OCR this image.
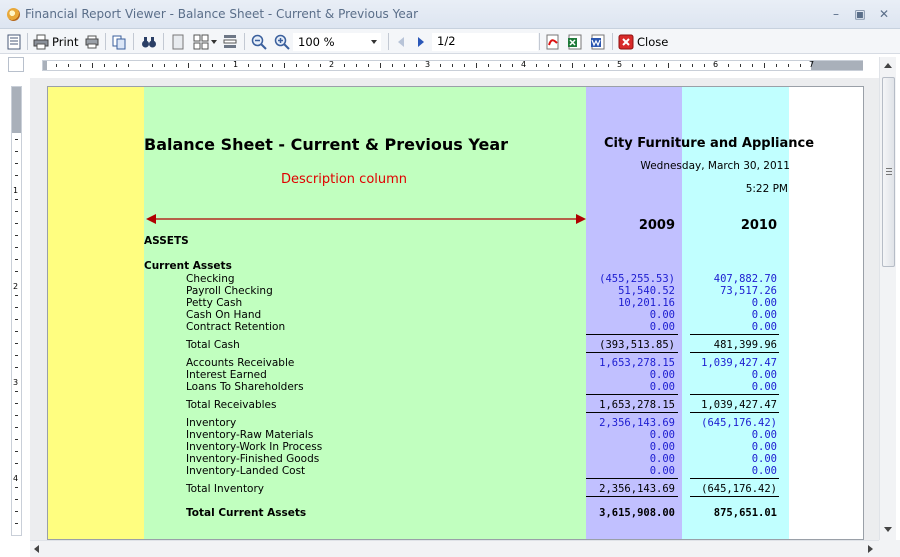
Financial Report Viewer - Balance Sheet - Current & Previous Year	–	▣ ✕
Print	100 %	1/2	Close
1	2	3	4	5	6	7
1
2
3
4
Balance Sheet - Current & Previous Year	City Furniture and Appliance
Wednesday, March 30, 2011
5:22 PM
Description column
2009	2010
ASSETS
Current Assets
Checking	(455,255.53)	407,882.70
Payroll Checking	51,540.52	73,517.26
Petty Cash	10,201.16	0.00
Cash On Hand	0.00	0.00
Contract Retention	0.00	0.00
Total Cash	(393,513.85)	481,399.96
Accounts Receivable	1,653,278.15	1,039,427.47
Interest Earned	0.00	0.00
Loans To Shareholders	0.00	0.00
Total Receivables	1,653,278.15	1,039,427.47
Inventory	2,356,143.69	(645,176.42)
Inventory-Raw Materials	0.00	0.00
Inventory-Work In Process	0.00	0.00
Inventory-Finished Goods	0.00	0.00
Inventory-Landed Cost	0.00	0.00
Total Inventory	2,356,143.69	(645,176.42)
Total Current Assets	3,615,908.00	875,651.01
